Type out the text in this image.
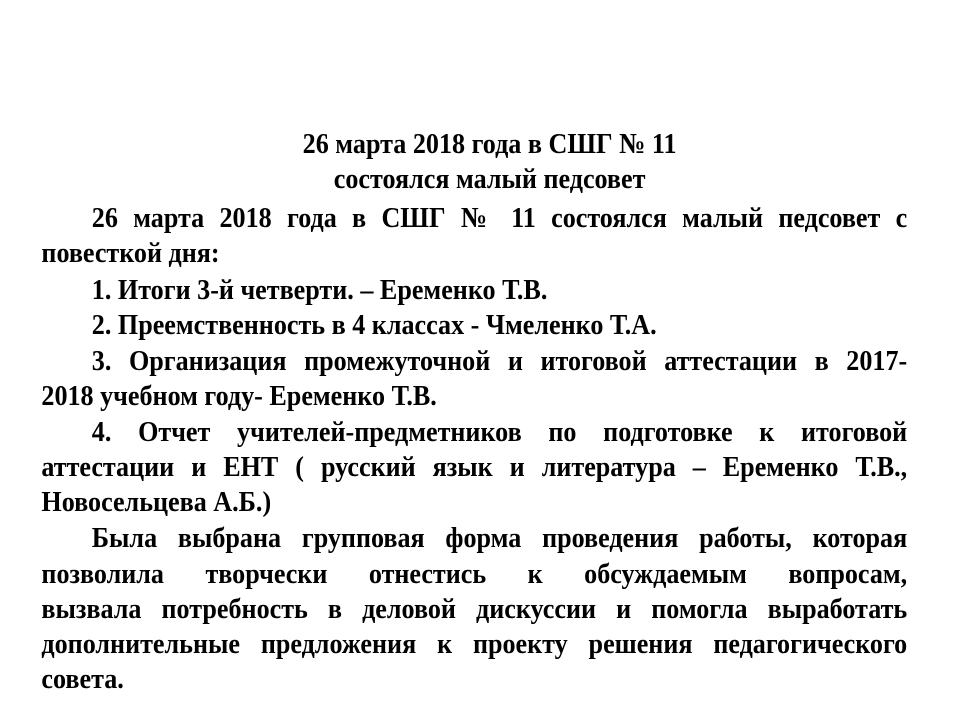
26 марта 2018 года в СШГ № 11
состоялся малый педсовет
26 марта 2018 года в СШГ № 11 состоялся малый педсовет с
повесткой дня:
1. Итоги 3-й четверти. – Еременко Т.В.
2. Преемственность в 4 классах - Чмеленко Т.А.
3. Организация промежуточной и итоговой аттестации в 2017-
2018 учебном году- Еременко Т.В.
4. Отчет учителей-предметников по подготовке к итоговой
аттестации и ЕНТ ( русский язык и литература – Еременко Т.В.,
Новосельцева А.Б.)
Была выбрана групповая форма проведения работы, которая
позволила творчески отнестись к обсуждаемым вопросам,
вызвала потребность в деловой дискуссии и помогла выработать
дополнительные предложения к проекту решения педагогического
совета.
